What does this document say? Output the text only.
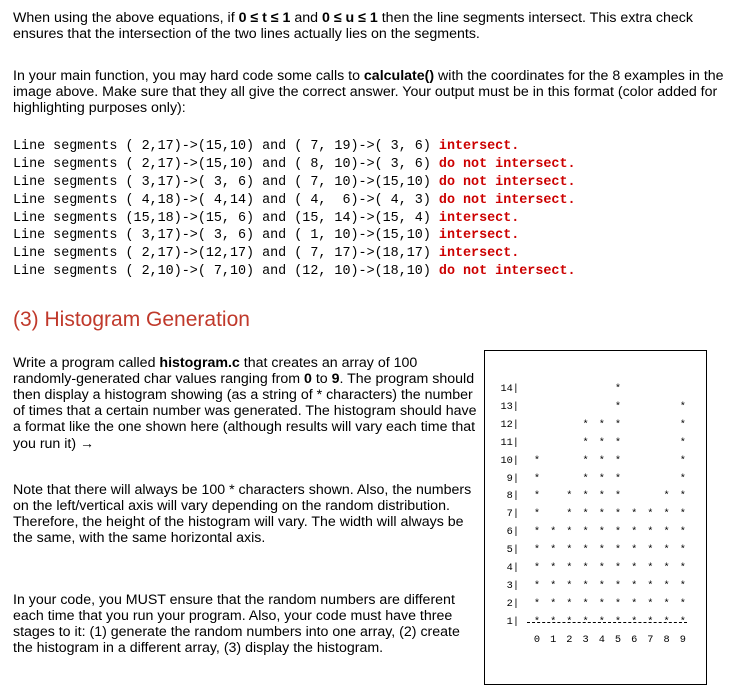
When using the above equations, if 0 ≤ t ≤ 1 and 0 ≤ u ≤ 1 then the line segments intersect. This extra check ensures that the intersection of the two lines actually lies on the segments.

In your main function, you may hard code some calls to calculate() with the coordinates for the 8 examples in the image above. Make sure that they all give the correct answer. Your output must be in this format (color added for highlighting purposes only):

Line segments ( 2,17)->(15,10) and ( 7, 19)->( 3, 6) intersect.
Line segments ( 2,17)->(15,10) and ( 8, 10)->( 3, 6) do not intersect.
Line segments ( 3,17)->( 3, 6) and ( 7, 10)->(15,10) do not intersect.
Line segments ( 4,18)->( 4,14) and ( 4,  6)->( 4, 3) do not intersect.
Line segments (15,18)->(15, 6) and (15, 14)->(15, 4) intersect.
Line segments ( 3,17)->( 3, 6) and ( 1, 10)->(15,10) intersect.
Line segments ( 2,17)->(12,17) and ( 7, 17)->(18,17) intersect.
Line segments ( 2,10)->( 7,10) and (12, 10)->(18,10) do not intersect.
(3) Histogram Generation

Write a program called histogram.c that creates an array of 100 randomly-generated char values ranging from 0 to 9. The program should then display a histogram showing (as a string of * characters) the number of times that a certain number was generated. The histogram should have a format like the one shown here (although results will vary each time that you run it) →

Note that there will always be 100 * characters shown. Also, the numbers on the left/vertical axis will vary depending on the random distribution. Therefore, the height of the histogram will vary. The width will always be the same, with the same horizontal axis.

In your code, you MUST ensure that the random numbers are different each time that you run your program. Also, your code must have three stages to it: (1) generate the random numbers into one array, (2) create the histogram in a different array, (3) display the histogram.	0 1 2 3 4 5 6 7 8 9
14|	*
13|	*	*
12|	* * *	*
11|	* * *	*
10|	*	* * *	*
9|	*	* * *	*
8|	*	* * * *	* *
7|	*	* * * * * * * *
6|	* * * * * * * * * *
5|	* * * * * * * * * *
4|	* * * * * * * * * *
3|	* * * * * * * * * *
2|	* * * * * * * * * *
1|	* * * * * * * * * *
